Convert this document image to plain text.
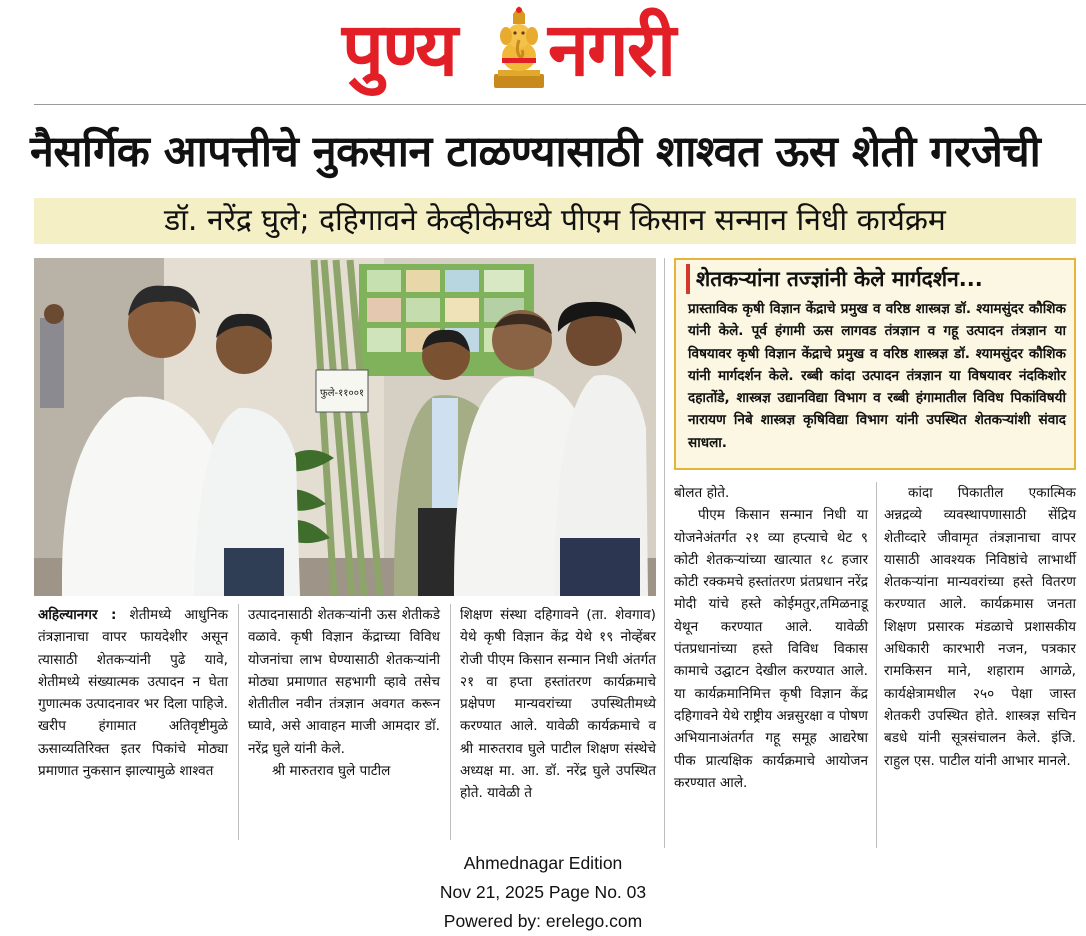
पुण्य नगरी
नैसर्गिक आपत्तीचे नुकसान टाळण्यासाठी शाश्वत ऊस शेती गरजेची
डॉ. नरेंद्र घुले; दहिगावने केव्हीकेमध्ये पीएम किसान सन्मान निधी कार्यक्रम
फुले-११००१
शेतकऱ्यांना तज्ज्ञांनी केले मार्गदर्शन...
प्रास्ताविक कृषी विज्ञान केंद्राचे प्रमुख व वरिष्ठ शास्त्रज्ञ डॉ. श्यामसुंदर कौशिक यांनी केले. पूर्व हंगामी ऊस लागवड तंत्रज्ञान व गहू उत्पादन तंत्रज्ञान या विषयावर कृषी विज्ञान केंद्राचे प्रमुख व वरिष्ठ शास्त्रज्ञ डॉ. श्यामसुंदर कौशिक यांनी मार्गदर्शन केले. रब्बी कांदा उत्पादन तंत्रज्ञान या विषयावर नंदकिशोर दहातोंडे, शास्त्रज्ञ उद्यानविद्या विभाग व रब्बी हंगामातील विविध पिकांविषयी नारायण निबे शास्त्रज्ञ कृषिविद्या विभाग यांनी उपस्थित शेतकऱ्यांशी संवाद साधला.
अहिल्यानगर : शेतीमध्ये आधुनिक तंत्रज्ञानाचा वापर फायदेशीर असून त्यासाठी शेतकऱ्यांनी पुढे यावे, शेतीमध्ये संख्यात्मक उत्पादन न घेता गुणात्मक उत्पादनावर भर दिला पाहिजे. खरीप हंगामात अतिवृष्टीमुळे ऊसाव्यतिरिक्त इतर पिकांचे मोठ्या प्रमाणात नुकसान झाल्यामुळे शाश्वत
उत्पादनासाठी शेतकऱ्यांनी ऊस शेतीकडे वळावे. कृषी विज्ञान केंद्राच्या विविध योजनांचा लाभ घेण्यासाठी शेतकऱ्यांनी मोठ्या प्रमाणात सहभागी व्हावे तसेच शेतीतील नवीन तंत्रज्ञान अवगत करून घ्यावे, असे आवाहन माजी आमदार डॉ. नरेंद्र घुले यांनी केले.
श्री मारुतराव घुले पाटील
शिक्षण संस्था दहिगावने (ता. शेवगाव) येथे कृषी विज्ञान केंद्र येथे १९ नोव्हेंबर रोजी पीएम किसान सन्मान निधी अंतर्गत २१ वा हप्ता हस्तांतरण कार्यक्रमाचे प्रक्षेपण मान्यवरांच्या उपस्थितीमध्ये करण्यात आले. यावेळी कार्यक्रमाचे व श्री मारुतराव घुले पाटील शिक्षण संस्थेचे अध्यक्ष मा. आ. डॉ. नरेंद्र घुले उपस्थित होते. यावेळी ते
बोलत होते.
पीएम किसान सन्मान निधी या योजनेअंतर्गत २१ व्या हप्त्याचे थेट ९ कोटी शेतकऱ्यांच्या खात्यात १८ हजार कोटी रक्कमचे हस्तांतरण प्रंतप्रधान नरेंद्र मोदी यांचे हस्ते कोईमतुर,तमिळनाडू येथून करण्यात आले. यावेळी पंतप्रधानांच्या हस्ते विविध विकास कामाचे उद्घाटन देखील करण्यात आले. या कार्यक्रमानिमित्त कृषी विज्ञान केंद्र दहिगावने येथे राष्ट्रीय अन्नसुरक्षा व पोषण अभियानाअंतर्गत गहू समूह आद्यरेषा पीक प्रात्यक्षिक कार्यक्रमाचे आयोजन करण्यात आले.
कांदा पिकातील एकात्मिक अन्नद्रव्ये व्यवस्थापणासाठी सेंद्रिय शेतीव्दारे जीवामृत तंत्रज्ञानाचा वापर यासाठी आवश्यक निविष्ठांचे लाभार्थी शेतकऱ्यांना मान्यवरांच्या हस्ते वितरण करण्यात आले. कार्यक्रमास जनता शिक्षण प्रसारक मंडळाचे प्रशासकीय अधिकारी कारभारी नजन, पत्रकार रामकिसन माने, शहाराम आगळे, कार्यक्षेत्रामधील २५० पेक्षा जास्त शेतकरी उपस्थित होते. शास्त्रज्ञ सचिन बडधे यांनी सूत्रसंचालन केले. इंजि. राहुल एस. पाटील यांनी आभार मानले.
Ahmednagar Edition
Nov 21, 2025 Page No. 03
Powered by: erelego.com
